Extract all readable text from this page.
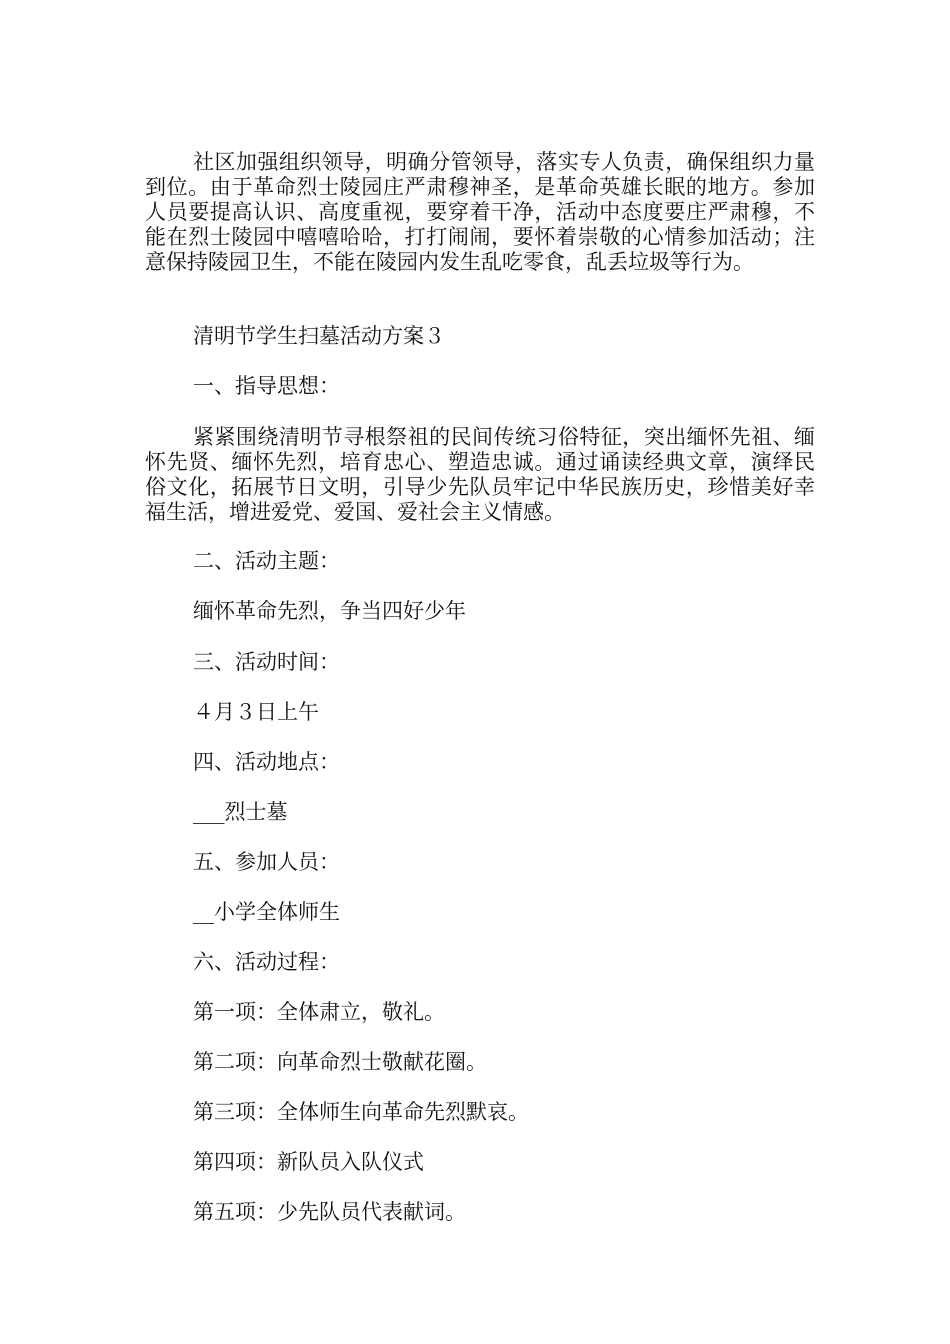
社区加强组织领导，明确分管领导，落实专人负责，确保组织力量到位。由于革命烈士陵园庄严肃穆神圣，是革命英雄长眠的地方。参加人员要提高认识、高度重视，要穿着干净，活动中态度要庄严肃穆，不能在烈士陵园中嘻嘻哈哈，打打闹闹，要怀着崇敬的心情参加活动；注意保持陵园卫生，不能在陵园内发生乱吃零食，乱丢垃圾等行为。

清明节学生扫墓活动方案３

一、指导思想：

紧紧围绕清明节寻根祭祖的民间传统习俗特征，突出缅怀先祖、缅怀先贤、缅怀先烈，培育忠心、塑造忠诚。通过诵读经典文章，演绎民俗文化，拓展节日文明，引导少先队员牢记中华民族历史，珍惜美好幸福生活，增进爱党、爱国、爱社会主义情感。

二、活动主题：

缅怀革命先烈，争当四好少年

三、活动时间：

４月３日上午

四、活动地点：

___烈士墓

五、参加人员：

__小学全体师生

六、活动过程：

第一项：全体肃立，敬礼。

第二项：向革命烈士敬献花圈。

第三项：全体师生向革命先烈默哀。

第四项：新队员入队仪式

第五项：少先队员代表献词。
